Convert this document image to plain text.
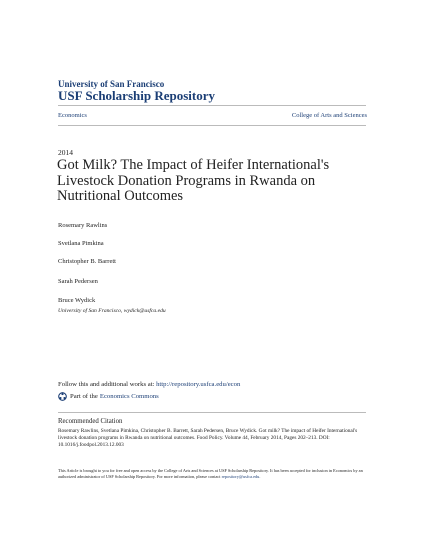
University of San Francisco
USF Scholarship Repository
Economics	College of Arts and Sciences
2014
Got Milk? The Impact of Heifer International's Livestock Donation Programs in Rwanda on Nutritional Outcomes
Rosemary Rawlins
Svetlana Pimkina
Christopher B. Barrett
Sarah Pedersen
Bruce Wydick
University of San Francisco, wydick@usfca.edu
Follow this and additional works at: http://repository.usfca.edu/econ
Part of the Economics Commons
Recommended Citation
Rosemary Rawlins, Svetlana Pimkina, Christopher B. Barrett, Sarah Pedersen, Bruce Wydick. Got milk? The impact of Heifer International's livestock donation programs in Rwanda on nutritional outcomes. Food Policy. Volume 44, February 2014, Pages 202–213. DOI: 10.1016/j.foodpol.2013.12.003
This Article is brought to you for free and open access by the College of Arts and Sciences at USF Scholarship Repository. It has been accepted for inclusion in Economics by an authorized administrator of USF Scholarship Repository. For more information, please contact repository@usfca.edu.
